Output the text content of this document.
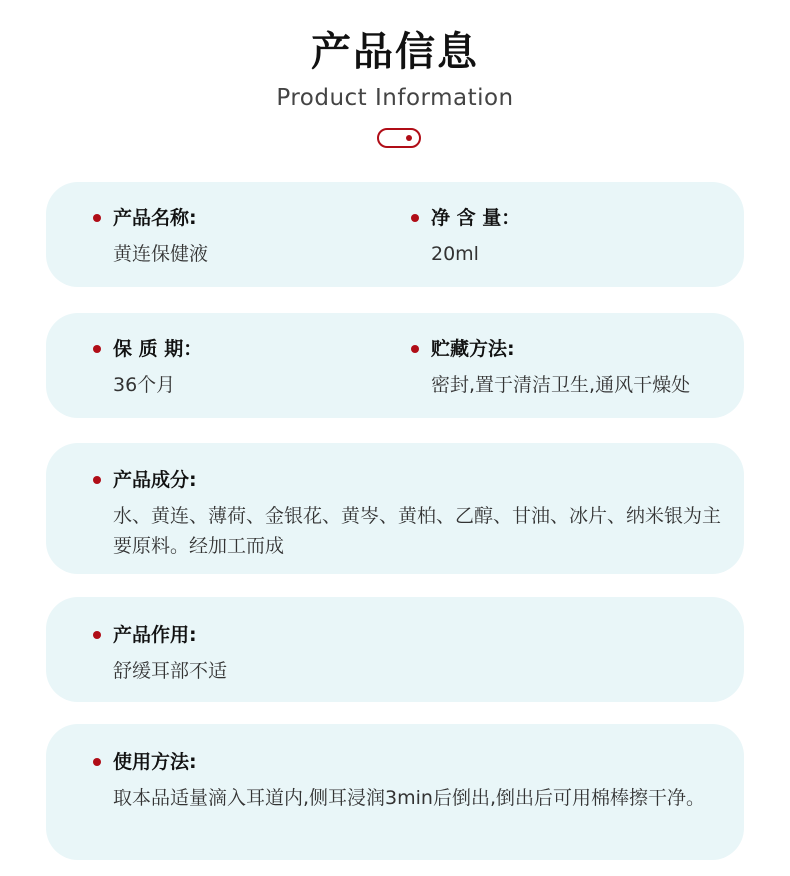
产品信息
Product Information
产品名称:
黄连保健液
净 含 量：
20ml
保 质 期：
36个月
贮藏方法:
密封,置于清洁卫生,通风干燥处
产品成分:
水、黄连、薄荷、金银花、黄岑、黄柏、乙醇、甘油、冰片、纳米银为主要原料。经加工而成
产品作用:
舒缓耳部不适
使用方法:
取本品适量滴入耳道内,侧耳浸润3min后倒出,倒出后可用棉棒擦干净。
